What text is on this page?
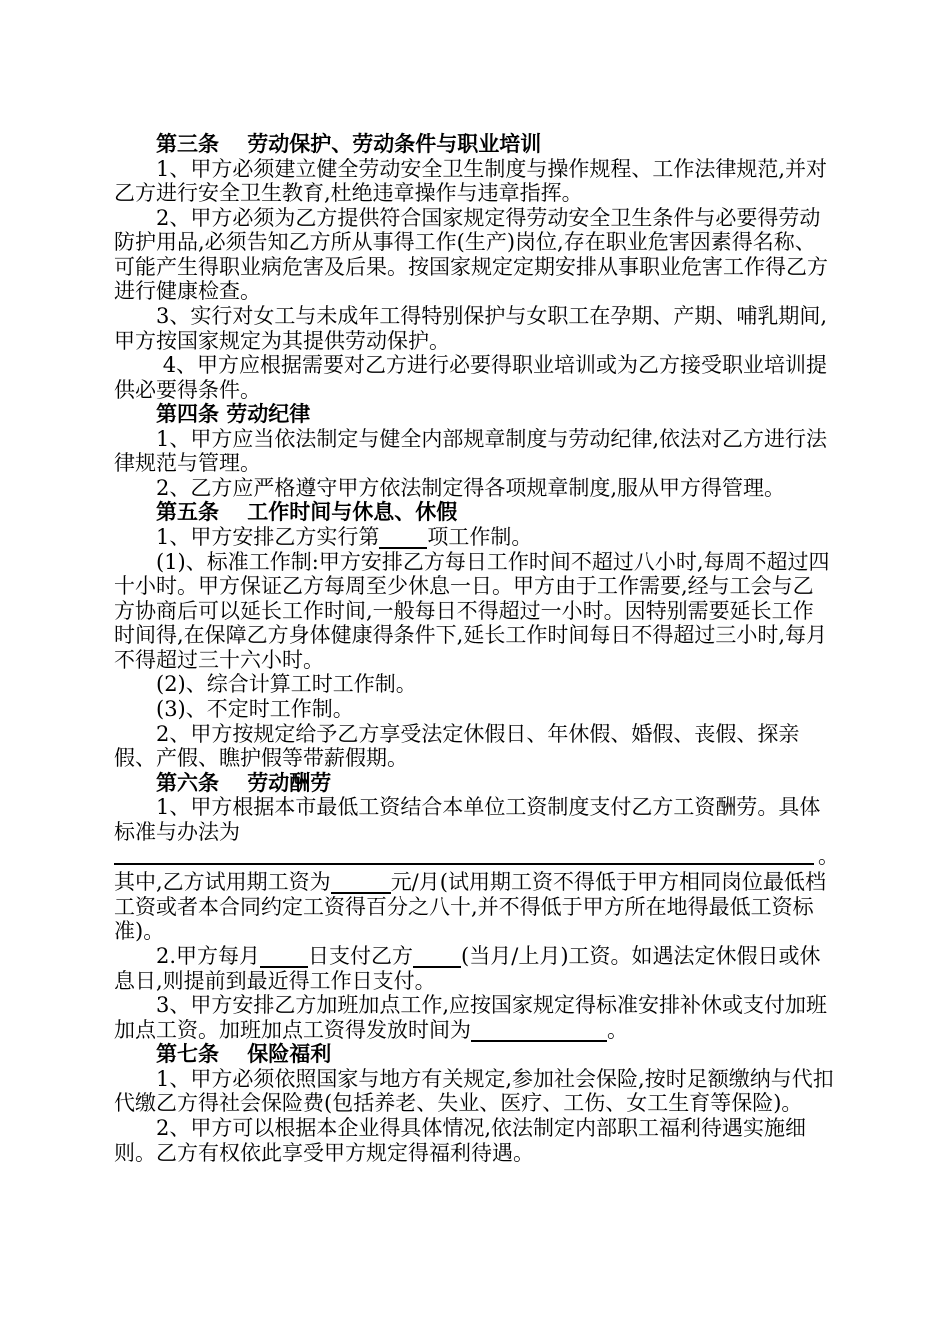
第三条　 劳动保护、劳动条件与职业培训

1、甲方必须建立健全劳动安全卫生制度与操作规程、工作法律规范,并对乙方进行安全卫生教育,杜绝违章操作与违章指挥。

2、甲方必须为乙方提供符合国家规定得劳动安全卫生条件与必要得劳动防护用品,必须告知乙方所从事得工作(生产)岗位,存在职业危害因素得名称、可能产生得职业病危害及后果。按国家规定定期安排从事职业危害工作得乙方进行健康检查。

3、实行对女工与未成年工得特别保护与女职工在孕期、产期、哺乳期间,甲方按国家规定为其提供劳动保护。

4、甲方应根据需要对乙方进行必要得职业培训或为乙方接受职业培训提供必要得条件。

第四条 劳动纪律

1、甲方应当依法制定与健全内部规章制度与劳动纪律,依法对乙方进行法律规范与管理。

2、乙方应严格遵守甲方依法制定得各项规章制度,服从甲方得管理。

第五条　 工作时间与休息、休假

1、甲方安排乙方实行第 项工作制。

(1)、标准工作制:甲方安排乙方每日工作时间不超过八小时,每周不超过四十小时。甲方保证乙方每周至少休息一日。甲方由于工作需要,经与工会与乙方协商后可以延长工作时间,一般每日不得超过一小时。因特别需要延长工作时间得,在保障乙方身体健康得条件下,延长工作时间每日不得超过三小时,每月不得超过三十六小时。

(2)、综合计算工时工作制。

(3)、不定时工作制。

2、甲方按规定给予乙方享受法定休假日、年休假、婚假、丧假、探亲假、产假、瞧护假等带薪假期。

第六条　 劳动酬劳

1、甲方根据本市最低工资结合本单位工资制度支付乙方工资酬劳。具体标准与办法为

。

其中,乙方试用期工资为	元/月(试用期工资不得低于甲方相同岗位最低档工资或者本合同约定工资得百分之八十,并不得低于甲方所在地得最低工资标准)。

2.甲方每月 日支付乙方 (当月/上月)工资。如遇法定休假日或休息日,则提前到最近得工作日支付。

3、甲方安排乙方加班加点工作,应按国家规定得标准安排补休或支付加班加点工资。加班加点工资得发放时间为	。

第七条　 保险福利

1、甲方必须依照国家与地方有关规定,参加社会保险,按时足额缴纳与代扣代缴乙方得社会保险费(包括养老、失业、医疗、工伤、女工生育等保险)。

2、甲方可以根据本企业得具体情况,依法制定内部职工福利待遇实施细则。乙方有权依此享受甲方规定得福利待遇。
